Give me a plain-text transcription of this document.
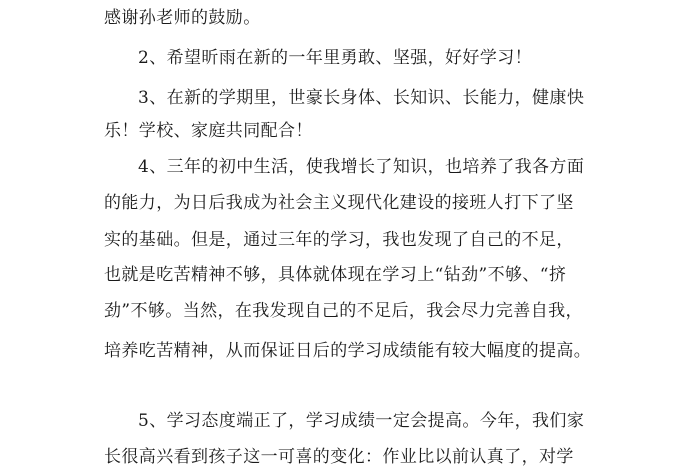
感谢孙老师的鼓励。
2、希望昕雨在新的一年里勇敢、坚强，好好学习！
3、在新的学期里，世豪长身体、长知识、长能力，健康快
乐！学校、家庭共同配合！
4、三年的初中生活，使我增长了知识，也培养了我各方面
的能力，为日后我成为社会主义现代化建设的接班人打下了坚
实的基础。但是，通过三年的学习，我也发现了自己的不足，
也就是吃苦精神不够，具体就体现在学习上“钻劲”不够、“挤
劲”不够。当然，在我发现自己的不足后，我会尽力完善自我，
培养吃苦精神，从而保证日后的学习成绩能有较大幅度的提高。
5、学习态度端正了，学习成绩一定会提高。今年，我们家
长很高兴看到孩子这一可喜的变化：作业比以前认真了，对学
